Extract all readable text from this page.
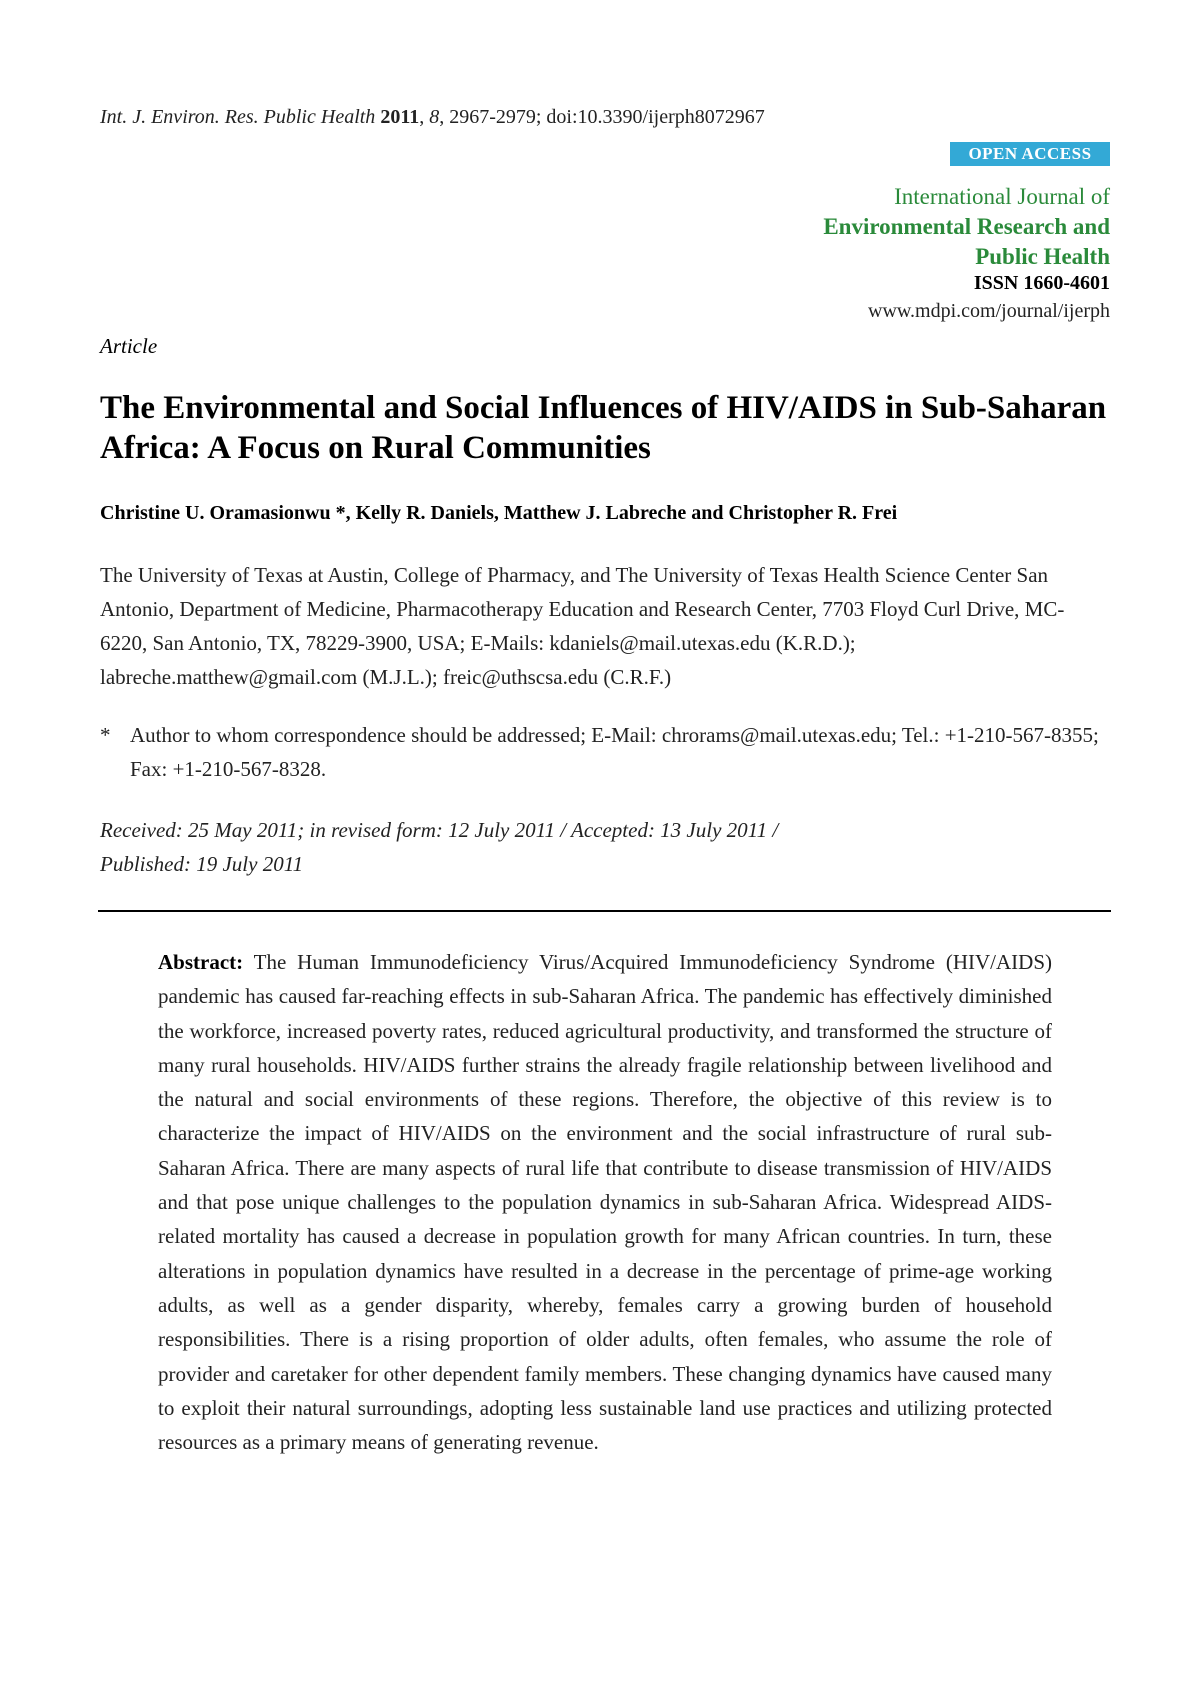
Int. J. Environ. Res. Public Health 2011, 8, 2967-2979; doi:10.3390/ijerph8072967
OPEN ACCESS
International Journal of
Environmental Research and
Public Health
ISSN 1660-4601
www.mdpi.com/journal/ijerph
Article
The Environmental and Social Influences of HIV/AIDS in Sub-Saharan Africa: A Focus on Rural Communities
Christine U. Oramasionwu *, Kelly R. Daniels, Matthew J. Labreche and Christopher R. Frei
The University of Texas at Austin, College of Pharmacy, and The University of Texas Health Science Center San Antonio, Department of Medicine, Pharmacotherapy Education and Research Center, 7703 Floyd Curl Drive, MC-6220, San Antonio, TX, 78229-3900, USA; E-Mails: kdaniels@mail.utexas.edu (K.R.D.); labreche.matthew@gmail.com (M.J.L.); freic@uthscsa.edu (C.R.F.)
* Author to whom correspondence should be addressed; E-Mail: chrorams@mail.utexas.edu; Tel.: +1-210-567-8355; Fax: +1-210-567-8328.
Received: 25 May 2011; in revised form: 12 July 2011 / Accepted: 13 July 2011 /
Published: 19 July 2011
Abstract: The Human Immunodeficiency Virus/Acquired Immunodeficiency Syndrome (HIV/AIDS) pandemic has caused far-reaching effects in sub-Saharan Africa. The pandemic has effectively diminished the workforce, increased poverty rates, reduced agricultural productivity, and transformed the structure of many rural households. HIV/AIDS further strains the already fragile relationship between livelihood and the natural and social environments of these regions. Therefore, the objective of this review is to characterize the impact of HIV/AIDS on the environment and the social infrastructure of rural sub-Saharan Africa. There are many aspects of rural life that contribute to disease transmission of HIV/AIDS and that pose unique challenges to the population dynamics in sub-Saharan Africa. Widespread AIDS-related mortality has caused a decrease in population growth for many African countries. In turn, these alterations in population dynamics have resulted in a decrease in the percentage of prime-age working adults, as well as a gender disparity, whereby, females carry a growing burden of household responsibilities. There is a rising proportion of older adults, often females, who assume the role of provider and caretaker for other dependent family members. These changing dynamics have caused many to exploit their natural surroundings, adopting less sustainable land use practices and utilizing protected resources as a primary means of generating revenue.
